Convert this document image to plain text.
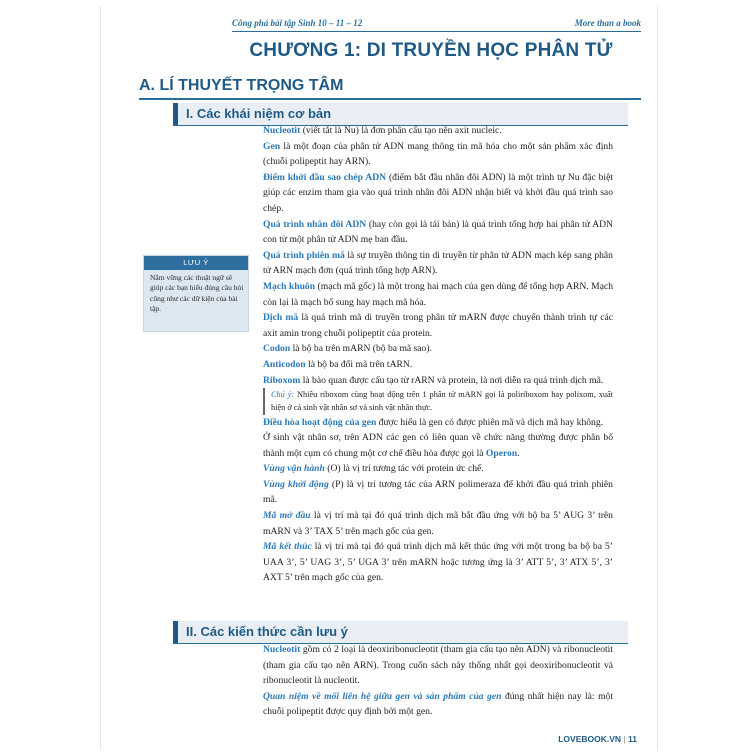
Công phá bài tập Sinh 10 – 11 – 12	More than a book
CHƯƠNG 1: DI TRUYỀN HỌC PHÂN TỬ
A. LÍ THUYẾT TRỌNG TÂM
I. Các khái niệm cơ bản
LƯU Ý
Nắm vững các thuật ngữ sẽ giúp các bạn hiểu đúng câu hỏi cũng như các dữ kiện của bài tập.

Nucleotit (viết tắt là Nu) là đơn phân cấu tạo nên axit nucleic.

Gen là một đoạn của phân tử ADN mang thông tin mã hóa cho một sản phẩm xác định (chuỗi polipeptit hay ARN).

Điểm khởi đầu sao chép ADN (điểm bắt đầu nhân đôi ADN) là một trình tự Nu đặc biệt giúp các enzim tham gia vào quá trình nhân đôi ADN nhận biết và khởi đầu quá trình sao chép.

Quá trình nhân đôi ADN (hay còn gọi là tái bản) là quá trình tổng hợp hai phân tử ADN con từ một phân tử ADN mẹ ban đầu.

Quá trình phiên mã là sự truyền thông tin di truyền từ phân tử ADN mạch kép sang phân tử ARN mạch đơn (quá trình tổng hợp ARN).

Mạch khuôn (mạch mã gốc) là một trong hai mạch của gen dùng để tổng hợp ARN. Mạch còn lại là mạch bổ sung hay mạch mã hóa.

Dịch mã là quá trình mã di truyền trong phân tử mARN được chuyển thành trình tự các axit amin trong chuỗi polipeptit của protein.

Codon là bộ ba trên mARN (bộ ba mã sao).

Anticodon là bộ ba đối mã trên tARN.

Riboxom là bào quan được cấu tạo từ rARN và protein, là nơi diễn ra quá trình dịch mã.

Chú ý: Nhiều riboxom cùng hoạt động trên 1 phân tử mARN gọi là poliriboxom hay polixom, xuất hiện ở cả sinh vật nhân sơ và sinh vật nhân thực.

Điều hòa hoạt động của gen được hiểu là gen có được phiên mã và dịch mã hay không.

Ở sinh vật nhân sơ, trên ADN các gen có liên quan về chức năng thường được phân bố thành một cụm có chung một cơ chế điều hòa được gọi là Operon.

Vùng vận hành (O) là vị trí tương tác với protein ức chế.

Vùng khởi động (P) là vị trí tương tác của ARN polimeraza để khởi đầu quá trình phiên mã.

Mã mở đầu là vị trí mà tại đó quá trình dịch mã bắt đầu ứng với bộ ba 5’ AUG 3’ trên mARN và 3’ TAX 5’ trên mạch gốc của gen.

Mã kết thúc là vị trí mà tại đó quá trình dịch mã kết thúc ứng với một trong ba bộ ba 5’ UAA 3’, 5’ UAG 3’, 5’ UGA 3’ trên mARN hoặc tương ứng là 3’ ATT 5’, 3’ ATX 5’, 3’ AXT 5’ trên mạch gốc của gen.

II. Các kiến thức cần lưu ý

Nucleotit gồm có 2 loại là deoxiribonucleotit (tham gia cấu tạo nên ADN) và ribonucleotit (tham gia cấu tạo nên ARN). Trong cuốn sách này thống nhất gọi deoxiribonucleotit và ribonucleotit là nucleotit.

Quan niệm về mối liên hệ giữa gen và sản phẩm của gen đúng nhất hiện nay là: một chuỗi polipeptit được quy định bởi một gen.

LOVEBOOK.VN | 11
